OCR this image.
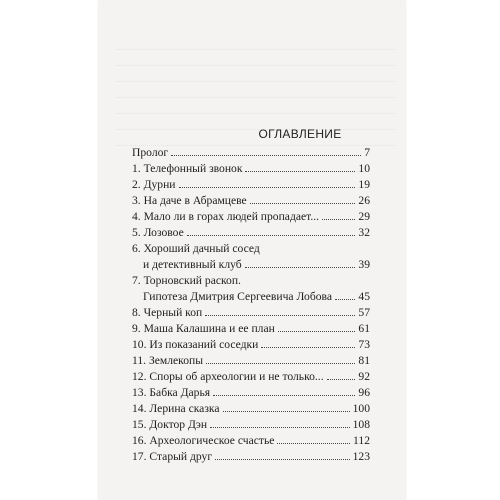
ОГЛАВЛЕНИЕ
Пролог	7
1. Телефонный звонок	10
2. Дурни	19
3. На даче в Абрамцеве	26
4. Мало ли в горах людей пропадает...	29
5. Лозовое	32
6. Хороший дачный сосед
и детективный клуб	39
7. Торновский раскоп.
Гипотеза Дмитрия Сергеевича Лобова 45
8. Черный коп	57
9. Маша Калашина и ее план	61
10. Из показаний соседки	73
11. Землекопы	81
12. Споры об археологии и не только...	92
13. Бабка Дарья	96
14. Лерина сказка	100
15. Доктор Дэн	108
16. Археологическое счастье	112
17. Старый друг	123
